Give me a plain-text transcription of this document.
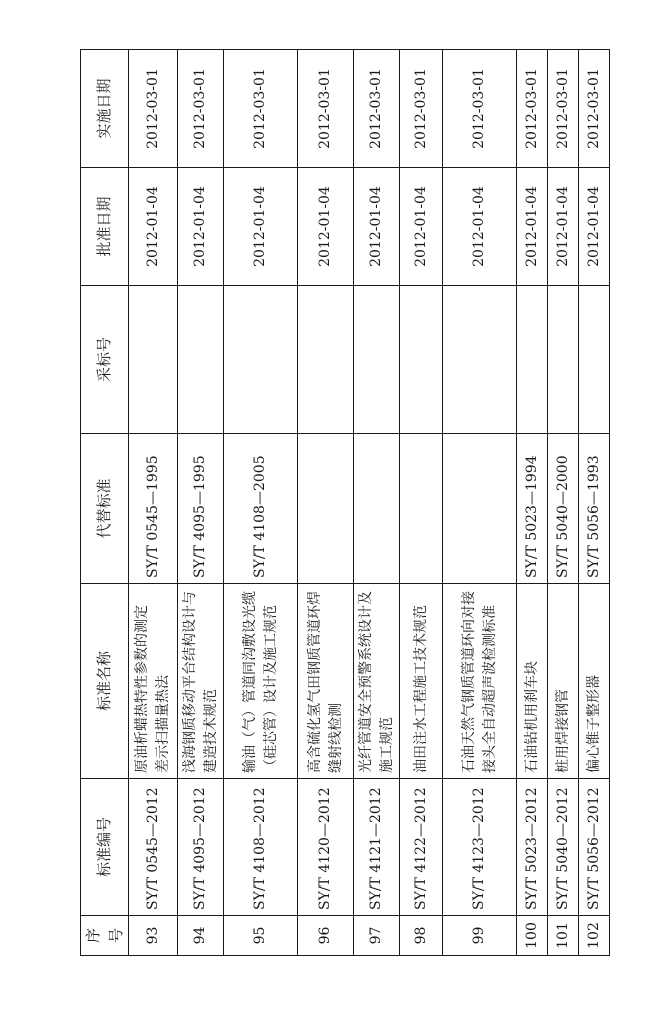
序号	标准编号	标准名称	代替标准	采标号	批准日期	实施日期
93	SY/T 0545—2012	原油析蜡热特性参数的测定　差示扫描量热法	SY/T 0545—1995		2012-01-04	2012-03-01
94	SY/T 4095—2012	浅海钢质移动平台结构设计与建造技术规范	SY/T 4095—1995		2012-01-04	2012-03-01
95	SY/T 4108—2012	输油（气）管道同沟敷设光缆（硅芯管）设计及施工规范	SY/T 4108—2005		2012-01-04	2012-03-01
96	SY/T 4120—2012	高含硫化氢气田钢质管道环焊缝射线检测			2012-01-04	2012-03-01
97	SY/T 4121—2012	光纤管道安全预警系统设计及施工规范			2012-01-04	2012-03-01
98	SY/T 4122—2012	油田注水工程施工技术规范			2012-01-04	2012-03-01
99	SY/T 4123—2012	石油天然气钢质管道环向对接接头全自动超声波检测标准			2012-01-04	2012-03-01
100	SY/T 5023—2012	石油钻机用刹车块	SY/T 5023—1994		2012-01-04	2012-03-01
101	SY/T 5040—2012	桩用焊接钢管	SY/T 5040—2000		2012-01-04	2012-03-01
102	SY/T 5056—2012	偏心锥子整形器	SY/T 5056—1993		2012-01-04	2012-03-01
